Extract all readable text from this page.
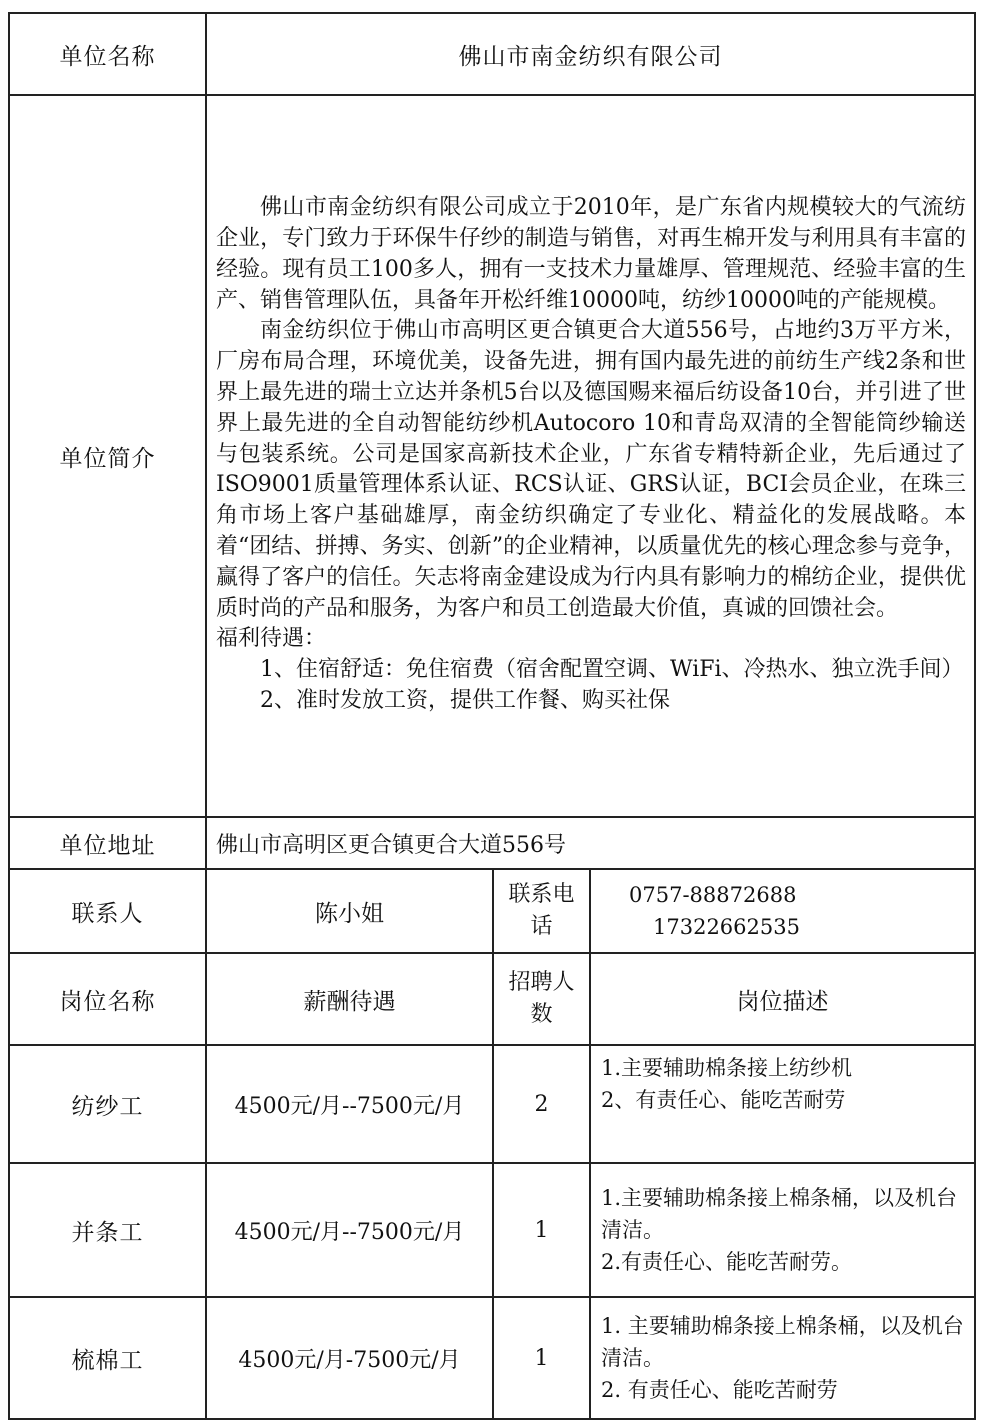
单位名称	佛山市南金纺织有限公司		
单位简介	佛山市南金纺织有限公司成立于2010年，是广东省内规模较大的气流纺企业，专门致力于环保牛仔纱的制造与销售，对再生棉开发与利用具有丰富的经验。现有员工100多人，拥有一支技术力量雄厚、管理规范、经验丰富的生产、销售管理队伍，具备年开松纤维10000吨，纺纱10000吨的产能规模。

南金纺织位于佛山市高明区更合镇更合大道556号，占地约3万平方米，厂房布局合理，环境优美，设备先进，拥有国内最先进的前纺生产线2条和世界上最先进的瑞士立达并条机5台以及德国赐来福后纺设备10台，并引进了世界上最先进的全自动智能纺纱机Autocoro 10和青岛双清的全智能筒纱输送与包装系统。公司是国家高新技术企业，广东省专精特新企业，先后通过了ISO9001质量管理体系认证、RCS认证、GRS认证，BCI会员企业，在珠三角市场上客户基础雄厚，南金纺织确定了专业化、精益化的发展战略。本着“团结、拼搏、务实、创新”的企业精神，以质量优先的核心理念参与竞争，赢得了客户的信任。矢志将南金建设成为行内具有影响力的棉纺企业，提供优质时尚的产品和服务，为客户和员工创造最大价值，真诚的回馈社会。

福利待遇：

1、住宿舒适：免住宿费（宿舍配置空调、WiFi、冷热水、独立洗手间）

2、准时发放工资，提供工作餐、购买社保		

单位地址	佛山市高明区更合镇更合大道556号		
联系人	陈小姐	联系电话	0757-88872688
17322662535

岗位名称	薪酬待遇	招聘人数	岗位描述
纺纱工	4500元/月--7500元/月	2	1.主要辅助棉条接上纺纱机
2、有责任心、能吃苦耐劳

并条工	4500元/月--7500元/月	1	1.主要辅助棉条接上棉条桶，以及机台清洁。
2.有责任心、能吃苦耐劳。

梳棉工	4500元/月-7500元/月	1	1. 主要辅助棉条接上棉条桶，以及机台清洁。
2. 有责任心、能吃苦耐劳
